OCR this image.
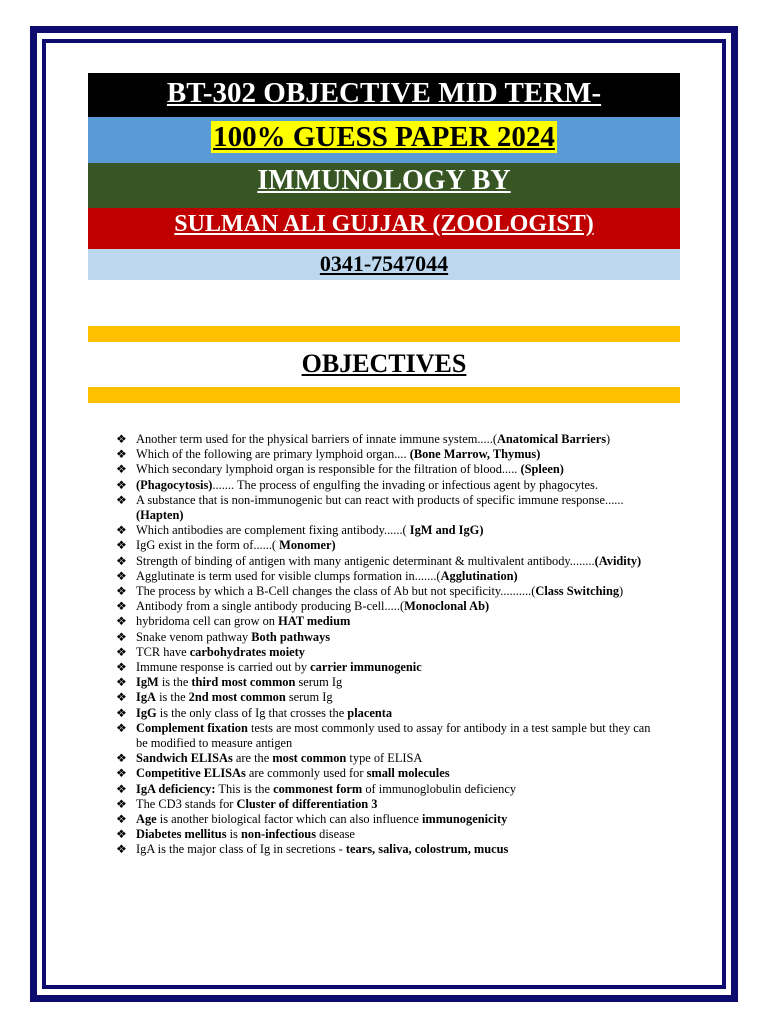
BT-302 OBJECTIVE MID TERM-
100% GUESS PAPER 2024
IMMUNOLOGY BY
SULMAN ALI GUJJAR (ZOOLOGIST)
0341-7547044
OBJECTIVES
❖ Another term used for the physical barriers of innate immune system.....(Anatomical Barriers)
❖ Which of the following are primary lymphoid organ.... (Bone Marrow, Thymus)
❖ Which secondary lymphoid organ is responsible for the filtration of blood..... (Spleen)
❖ (Phagocytosis)....... The process of engulfing the invading or infectious agent by phagocytes.
❖ A substance that is non-immunogenic but can react with products of specific immune response......(Hapten)
❖ Which antibodies are complement fixing antibody......( IgM and IgG)
❖ IgG exist in the form of......( Monomer)
❖ Strength of binding of antigen with many antigenic determinant & multivalent antibody........(Avidity)
❖ Agglutinate is term used for visible clumps formation in.......(Agglutination)
❖ The process by which a B-Cell changes the class of Ab but not specificity..........(Class Switching)
❖ Antibody from a single antibody producing B-cell.....(Monoclonal Ab)
❖ hybridoma cell can grow on HAT medium
❖ Snake venom pathway Both pathways
❖ TCR have carbohydrates moiety
❖ Immune response is carried out by carrier immunogenic
❖ IgM is the third most common serum Ig
❖ IgA is the 2nd most common serum Ig
❖ IgG is the only class of Ig that crosses the placenta
❖ Complement fixation tests are most commonly used to assay for antibody in a test sample but they can be modified to measure antigen
❖ Sandwich ELISAs are the most common type of ELISA
❖ Competitive ELISAs are commonly used for small molecules
❖ IgA deficiency: This is the commonest form of immunoglobulin deficiency
❖ The CD3 stands for Cluster of differentiation 3
❖ Age is another biological factor which can also influence immunogenicity
❖ Diabetes mellitus is non-infectious disease
❖ IgA is the major class of Ig in secretions - tears, saliva, colostrum, mucus
